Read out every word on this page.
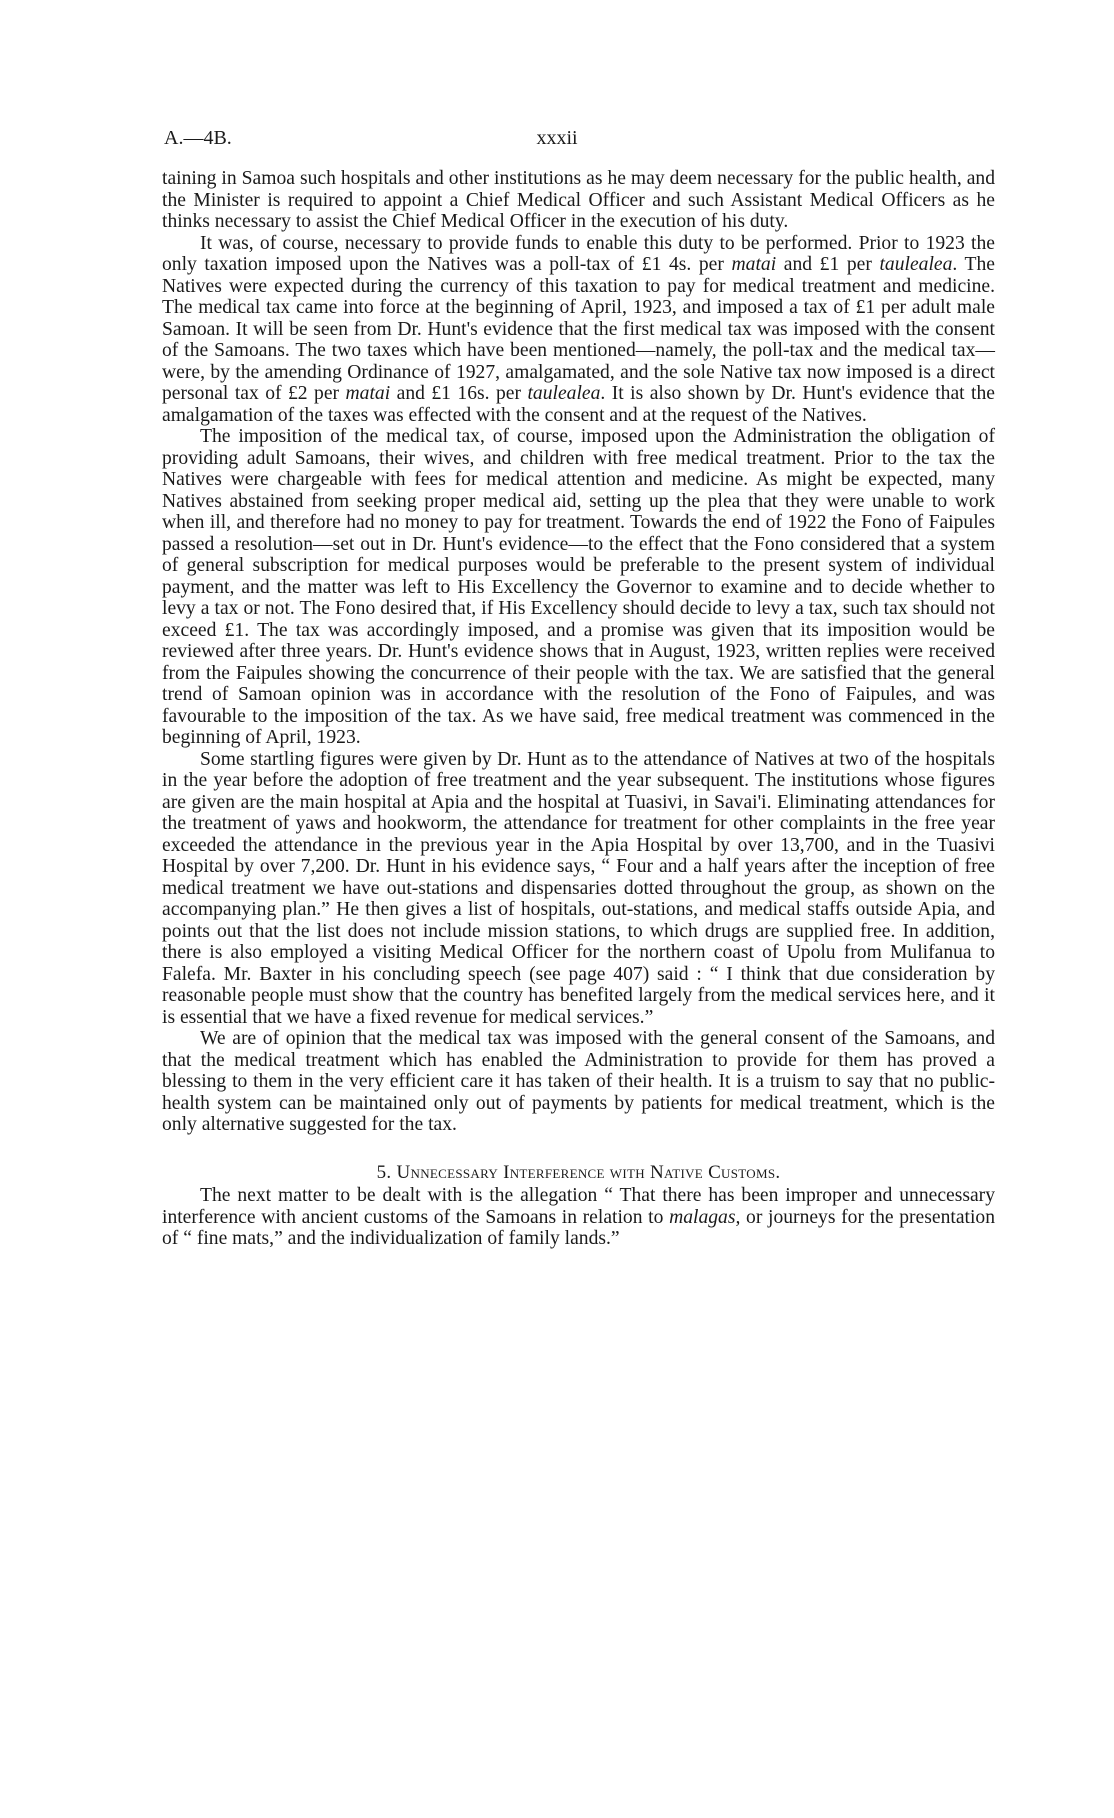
A.—4B.	xxxii

taining in Samoa such hospitals and other institutions as he may deem necessary for the public health, and the Minister is required to appoint a Chief Medical Officer and such Assistant Medical Officers as he thinks necessary to assist the Chief Medical Officer in the execution of his duty.

It was, of course, necessary to provide funds to enable this duty to be performed. Prior to 1923 the only taxation imposed upon the Natives was a poll-tax of £1 4s. per matai and £1 per taulealea. The Natives were expected during the currency of this taxation to pay for medical treatment and medicine. The medical tax came into force at the beginning of April, 1923, and imposed a tax of £1 per adult male Samoan. It will be seen from Dr. Hunt's evidence that the first medical tax was imposed with the consent of the Samoans. The two taxes which have been mentioned—namely, the poll-tax and the medical tax—were, by the amending Ordinance of 1927, amalgamated, and the sole Native tax now imposed is a direct personal tax of £2 per matai and £1 16s. per taulealea. It is also shown by Dr. Hunt's evidence that the amalgamation of the taxes was effected with the consent and at the request of the Natives.

The imposition of the medical tax, of course, imposed upon the Administration the obligation of providing adult Samoans, their wives, and children with free medical treatment. Prior to the tax the Natives were chargeable with fees for medical attention and medicine. As might be expected, many Natives abstained from seeking proper medical aid, setting up the plea that they were unable to work when ill, and therefore had no money to pay for treatment. Towards the end of 1922 the Fono of Faipules passed a resolution—set out in Dr. Hunt's evidence—to the effect that the Fono considered that a system of general subscription for medical purposes would be preferable to the present system of individual payment, and the matter was left to His Excellency the Governor to examine and to decide whether to levy a tax or not. The Fono desired that, if His Excellency should decide to levy a tax, such tax should not exceed £1. The tax was accordingly imposed, and a promise was given that its imposition would be reviewed after three years. Dr. Hunt's evidence shows that in August, 1923, written replies were received from the Faipules showing the concurrence of their people with the tax. We are satisfied that the general trend of Samoan opinion was in accordance with the resolution of the Fono of Faipules, and was favourable to the imposition of the tax. As we have said, free medical treatment was commenced in the beginning of April, 1923.

Some startling figures were given by Dr. Hunt as to the attendance of Natives at two of the hospitals in the year before the adoption of free treatment and the year subsequent. The institutions whose figures are given are the main hospital at Apia and the hospital at Tuasivi, in Savai'i. Eliminating attendances for the treatment of yaws and hookworm, the attendance for treatment for other complaints in the free year exceeded the attendance in the previous year in the Apia Hospital by over 13,700, and in the Tuasivi Hospital by over 7,200. Dr. Hunt in his evidence says, “ Four and a half years after the inception of free medical treatment we have out-stations and dispensaries dotted throughout the group, as shown on the accompanying plan.” He then gives a list of hospitals, out-stations, and medical staffs outside Apia, and points out that the list does not include mission stations, to which drugs are supplied free. In addition, there is also employed a visiting Medical Officer for the northern coast of Upolu from Mulifanua to Falefa. Mr. Baxter in his concluding speech (see page 407) said : “ I think that due consideration by reasonable people must show that the country has benefited largely from the medical services here, and it is essential that we have a fixed revenue for medical services.”

We are of opinion that the medical tax was imposed with the general consent of the Samoans, and that the medical treatment which has enabled the Administration to provide for them has proved a blessing to them in the very efficient care it has taken of their health. It is a truism to say that no public-health system can be maintained only out of payments by patients for medical treatment, which is the only alternative suggested for the tax.

5. Unnecessary Interference with Native Customs.

The next matter to be dealt with is the allegation “ That there has been improper and unnecessary interference with ancient customs of the Samoans in relation to malagas, or journeys for the presentation of “ fine mats,” and the individualization of family lands.”
